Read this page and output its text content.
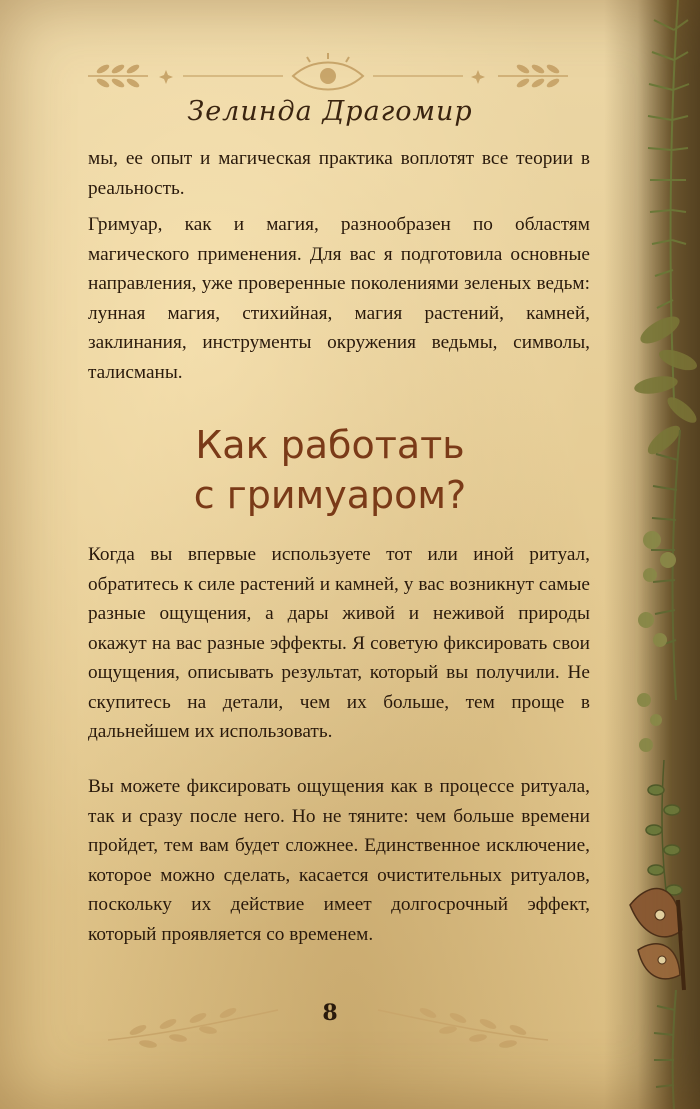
Зелинда Драгомир

мы, ее опыт и магическая практика воплотят все теории в реальность.

Гримуар, как и магия, разнообразен по областям магического применения. Для вас я подготовила основные направления, уже проверенные поколениями зеленых ведьм: лунная магия, стихийная, магия растений, камней, заклинания, инструменты окружения ведьмы, символы, талисманы.

Как работать
с гримуаром?

Когда вы впервые используете тот или иной ритуал, обратитесь к силе растений и камней, у вас возникнут самые разные ощущения, а дары живой и неживой природы окажут на вас разные эффекты. Я советую фиксировать свои ощущения, описывать результат, который вы получили. Не скупитесь на детали, чем их больше, тем проще в дальнейшем их использовать.

Вы можете фиксировать ощущения как в процессе ритуала, так и сразу после него. Но не тяните: чем больше времени пройдет, тем вам будет сложнее. Единственное исключение, которое можно сделать, касается очистительных ритуалов, поскольку их действие имеет долгосрочный эффект, который проявляется со временем.

8
